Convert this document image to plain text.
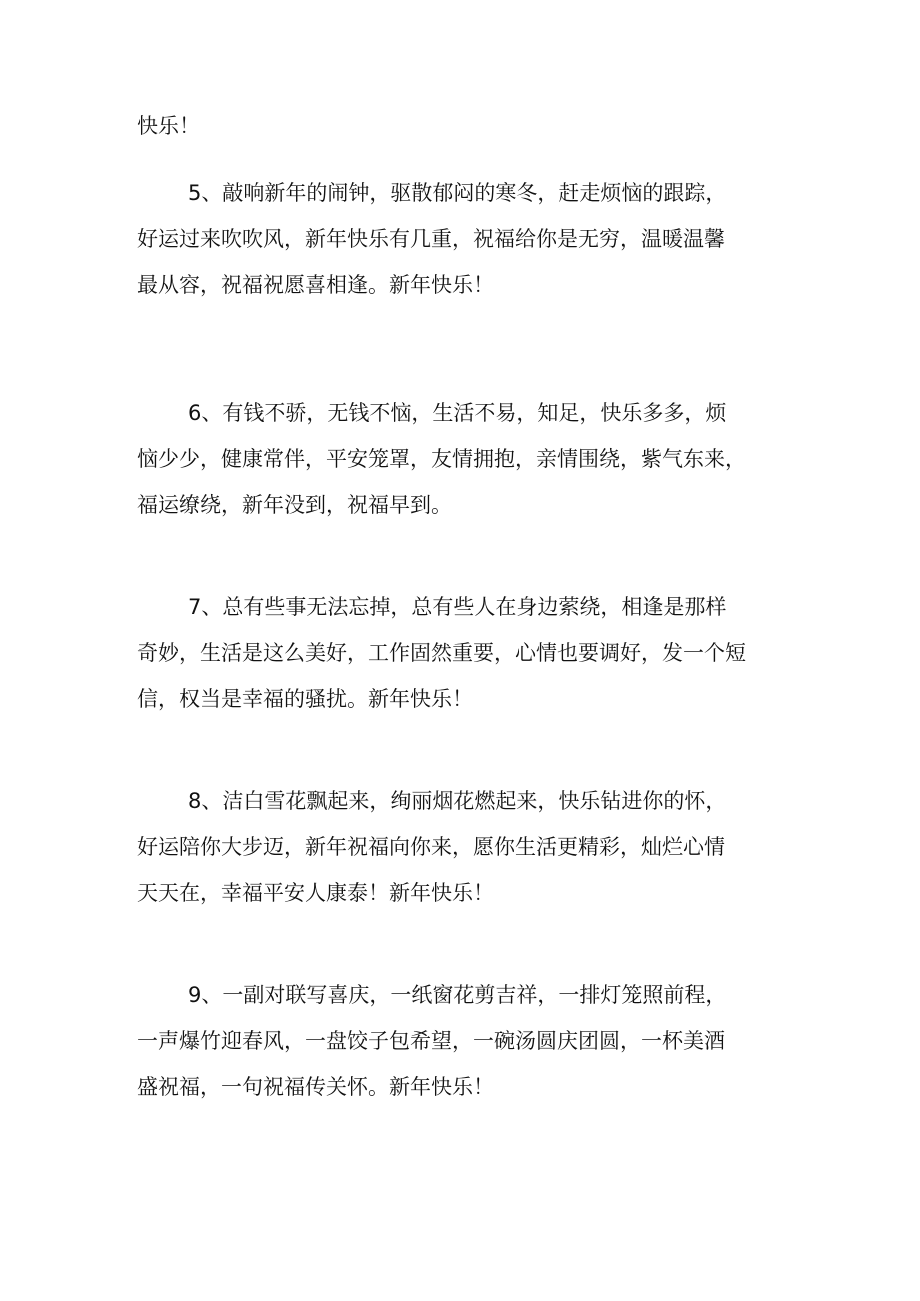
快乐！
5、敲响新年的闹钟，驱散郁闷的寒冬，赶走烦恼的跟踪，
好运过来吹吹风，新年快乐有几重，祝福给你是无穷，温暖温馨
最从容，祝福祝愿喜相逢。新年快乐！
6、有钱不骄，无钱不恼，生活不易，知足，快乐多多，烦
恼少少，健康常伴，平安笼罩，友情拥抱，亲情围绕，紫气东来，
福运缭绕，新年没到，祝福早到。
7、总有些事无法忘掉，总有些人在身边萦绕，相逢是那样
奇妙，生活是这么美好，工作固然重要，心情也要调好，发一个短
信，权当是幸福的骚扰。新年快乐！
8、洁白雪花飘起来，绚丽烟花燃起来，快乐钻进你的怀，
好运陪你大步迈，新年祝福向你来，愿你生活更精彩，灿烂心情
天天在，幸福平安人康泰！新年快乐！
9、一副对联写喜庆，一纸窗花剪吉祥，一排灯笼照前程，
一声爆竹迎春风，一盘饺子包希望，一碗汤圆庆团圆，一杯美酒
盛祝福，一句祝福传关怀。新年快乐！
